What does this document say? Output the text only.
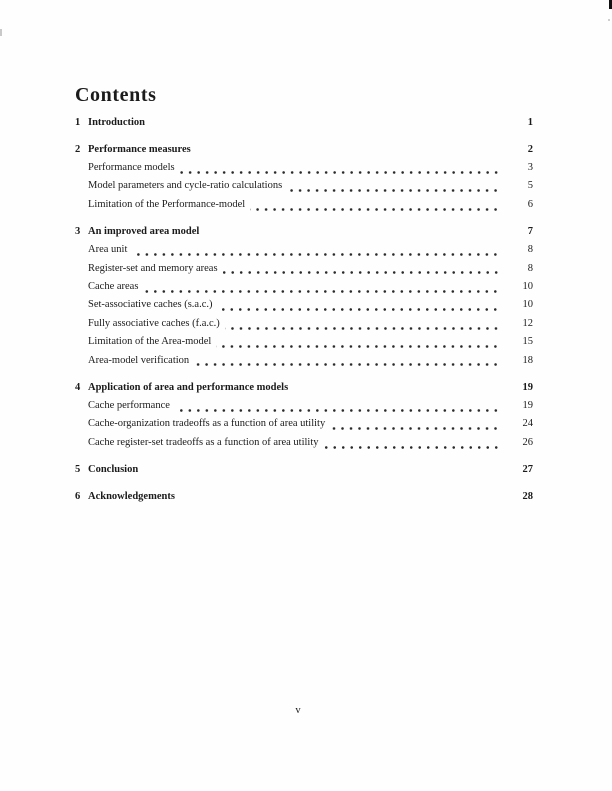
Contents
1 Introduction	1
2 Performance measures	2
Performance models	3
Model parameters and cycle-ratio calculations	5
Limitation of the Performance-model	6
3 An improved area model	7
Area unit	8
Register-set and memory areas	8
Cache areas	10
Set-associative caches (s.a.c.)	10
Fully associative caches (f.a.c.)	12
Limitation of the Area-model	15
Area-model verification	18
4 Application of area and performance models	19
Cache performance	19
Cache-organization tradeoffs as a function of area utility	24
Cache register-set tradeoffs as a function of area utility	26
5 Conclusion	27
6 Acknowledgements	28
v
